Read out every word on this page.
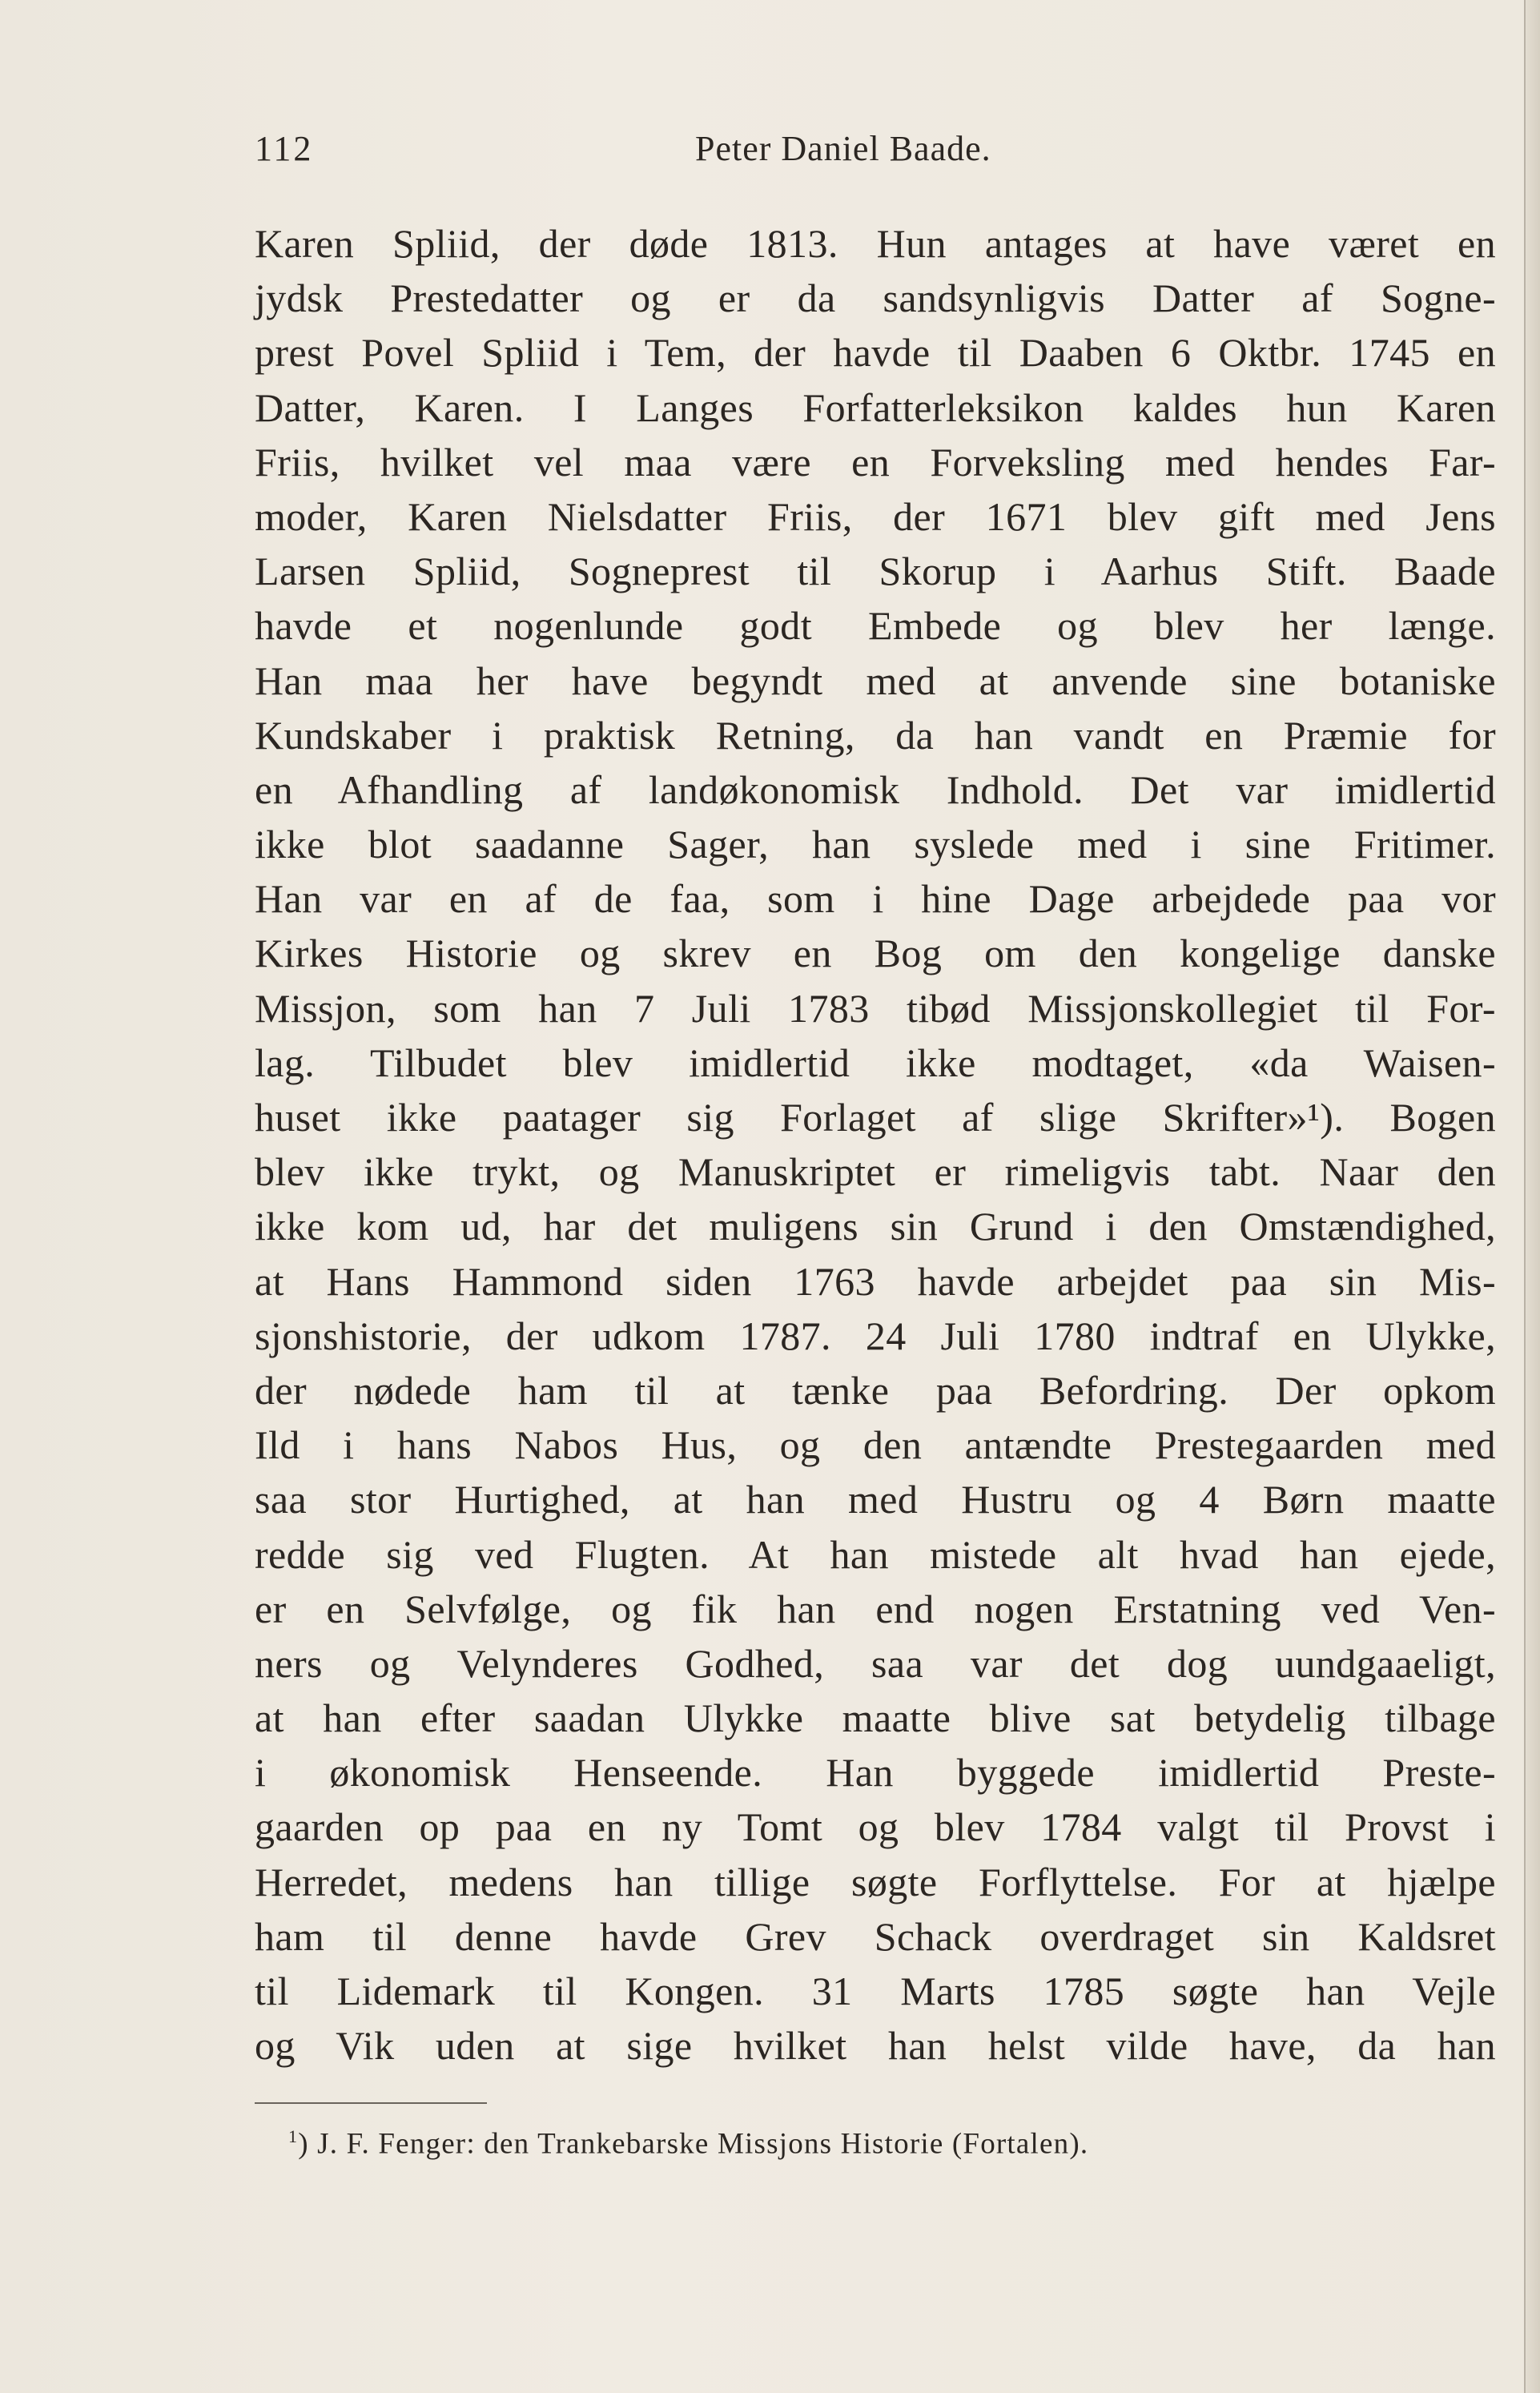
112	Peter Daniel Baade.
Karen Spliid, der døde 1813. Hun antages at have været en
jydsk Prestedatter og er da sandsynligvis Datter af Sogne-
prest Povel Spliid i Tem, der havde til Daaben 6 Oktbr. 1745 en
Datter, Karen. I Langes Forfatterleksikon kaldes hun Karen
Friis, hvilket vel maa være en Forveksling med hendes Far-
moder, Karen Nielsdatter Friis, der 1671 blev gift med Jens
Larsen Spliid, Sogneprest til Skorup i Aarhus Stift. Baade
havde et nogenlunde godt Embede og blev her længe.
Han maa her have begyndt med at anvende sine botaniske
Kundskaber i praktisk Retning, da han vandt en Præmie for
en Afhandling af landøkonomisk Indhold. Det var imidlertid
ikke blot saadanne Sager, han syslede med i sine Fritimer.
Han var en af de faa, som i hine Dage arbejdede paa vor
Kirkes Historie og skrev en Bog om den kongelige danske
Missjon, som han 7 Juli 1783 tibød Missjonskollegiet til For-
lag. Tilbudet blev imidlertid ikke modtaget, «da Waisen-
huset ikke paatager sig Forlaget af slige Skrifter»¹). Bogen
blev ikke trykt, og Manuskriptet er rimeligvis tabt. Naar den
ikke kom ud, har det muligens sin Grund i den Omstændighed,
at Hans Hammond siden 1763 havde arbejdet paa sin Mis-
sjonshistorie, der udkom 1787. 24 Juli 1780 indtraf en Ulykke,
der nødede ham til at tænke paa Befordring. Der opkom
Ild i hans Nabos Hus, og den antændte Prestegaarden med
saa stor Hurtighed, at han med Hustru og 4 Børn maatte
redde sig ved Flugten. At han mistede alt hvad han ejede,
er en Selvfølge, og fik han end nogen Erstatning ved Ven-
ners og Velynderes Godhed, saa var det dog uundgaaeligt,
at han efter saadan Ulykke maatte blive sat betydelig tilbage
i økonomisk Henseende. Han byggede imidlertid Preste-
gaarden op paa en ny Tomt og blev 1784 valgt til Provst i
Herredet, medens han tillige søgte Forflyttelse. For at hjælpe
ham til denne havde Grev Schack overdraget sin Kaldsret
til Lidemark til Kongen. 31 Marts 1785 søgte han Vejle
og Vik uden at sige hvilket han helst vilde have, da han
$^1$) J. F. Fenger: den Trankebarske Missjons Historie (Fortalen).
